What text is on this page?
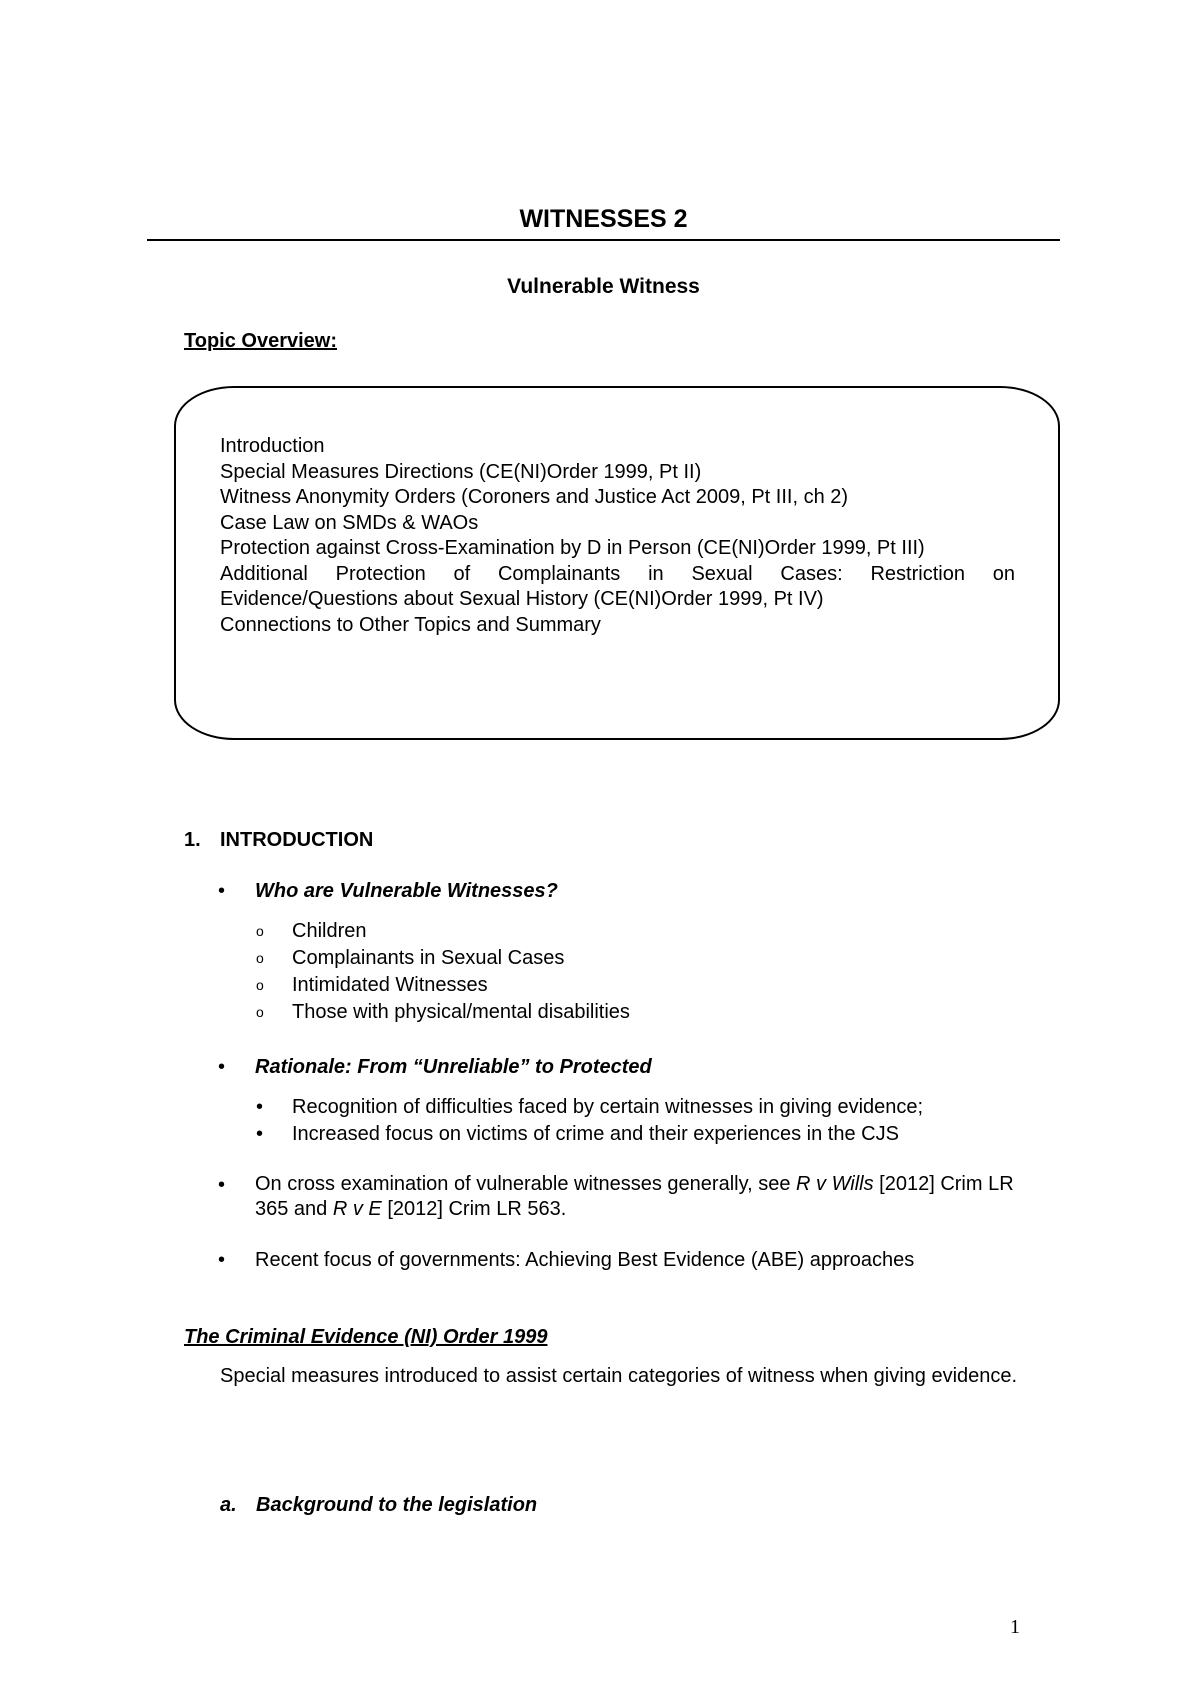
WITNESSES 2
Vulnerable Witness
Topic Overview:
Introduction
Special Measures Directions (CE(NI)Order 1999, Pt II)
Witness Anonymity Orders (Coroners and Justice Act 2009, Pt III, ch 2)
Case Law on SMDs & WAOs
Protection against Cross-Examination by D in Person (CE(NI)Order 1999, Pt III)
Additional Protection of Complainants in Sexual Cases: Restriction on
Evidence/Questions about Sexual History (CE(NI)Order 1999, Pt IV)
Connections to Other Topics and Summary
1. INTRODUCTION
•	Who are Vulnerable Witnesses?
o Children
o Complainants in Sexual Cases
o Intimidated Witnesses
o Those with physical/mental disabilities
•	Rationale: From “Unreliable” to Protected
• Recognition of difficulties faced by certain witnesses in giving evidence;
• Increased focus on victims of crime and their experiences in the CJS
•	On cross examination of vulnerable witnesses generally, see R v Wills [2012] Crim LR 365 and R v E [2012] Crim LR 563.
•	Recent focus of governments: Achieving Best Evidence (ABE) approaches
The Criminal Evidence (NI) Order 1999
Special measures introduced to assist certain categories of witness when giving evidence.
a. Background to the legislation
1
